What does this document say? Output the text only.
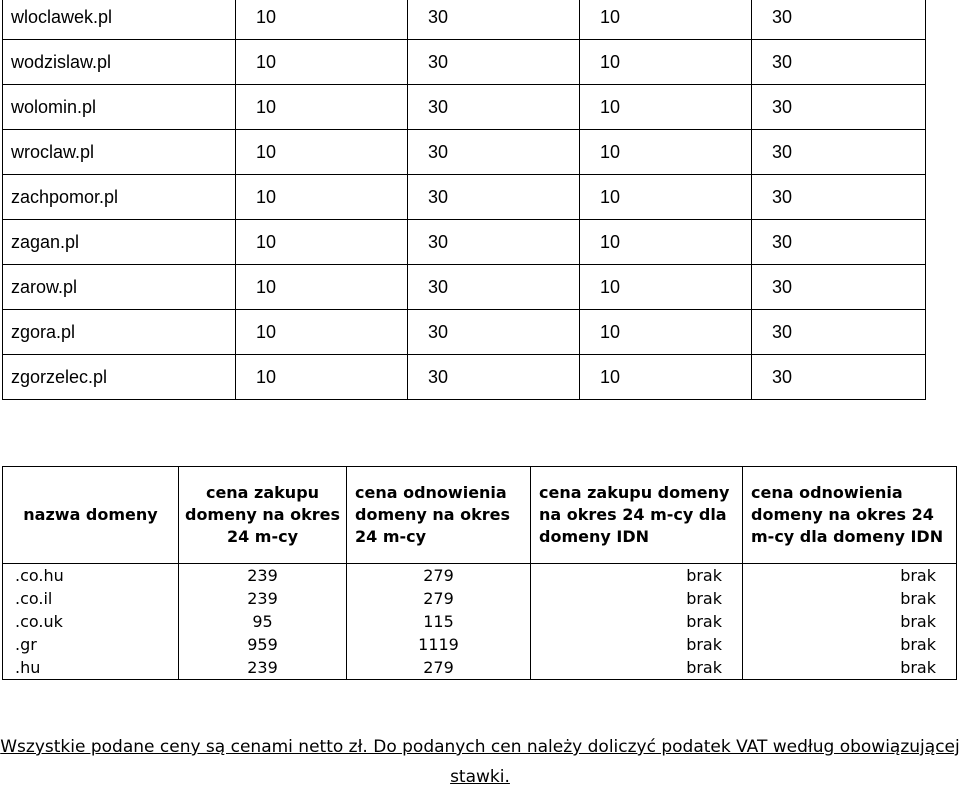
wloclawek.pl	10	30	10	30
wodzislaw.pl	10	30	10	30
wolomin.pl	10	30	10	30
wroclaw.pl	10	30	10	30
zachpomor.pl	10	30	10	30
zagan.pl	10	30	10	30
zarow.pl	10	30	10	30
zgora.pl	10	30	10	30
zgorzelec.pl	10	30	10	30
nazwa domeny	cena zakupu domeny na okres 24 m-cy	cena odnowienia domeny na okres 24 m-cy	cena zakupu domeny na okres 24 m-cy dla domeny IDN	cena odnowienia domeny na okres 24 m-cy dla domeny IDN
.co.hu	239	279	brak	brak
.co.il	239	279	brak	brak
.co.uk	95	115	brak	brak
.gr	959	1119	brak	brak
.hu	239	279	brak	brak
Wszystkie podane ceny są cenami netto zł. Do podanych cen należy doliczyć podatek VAT według obowiązującej stawki.
